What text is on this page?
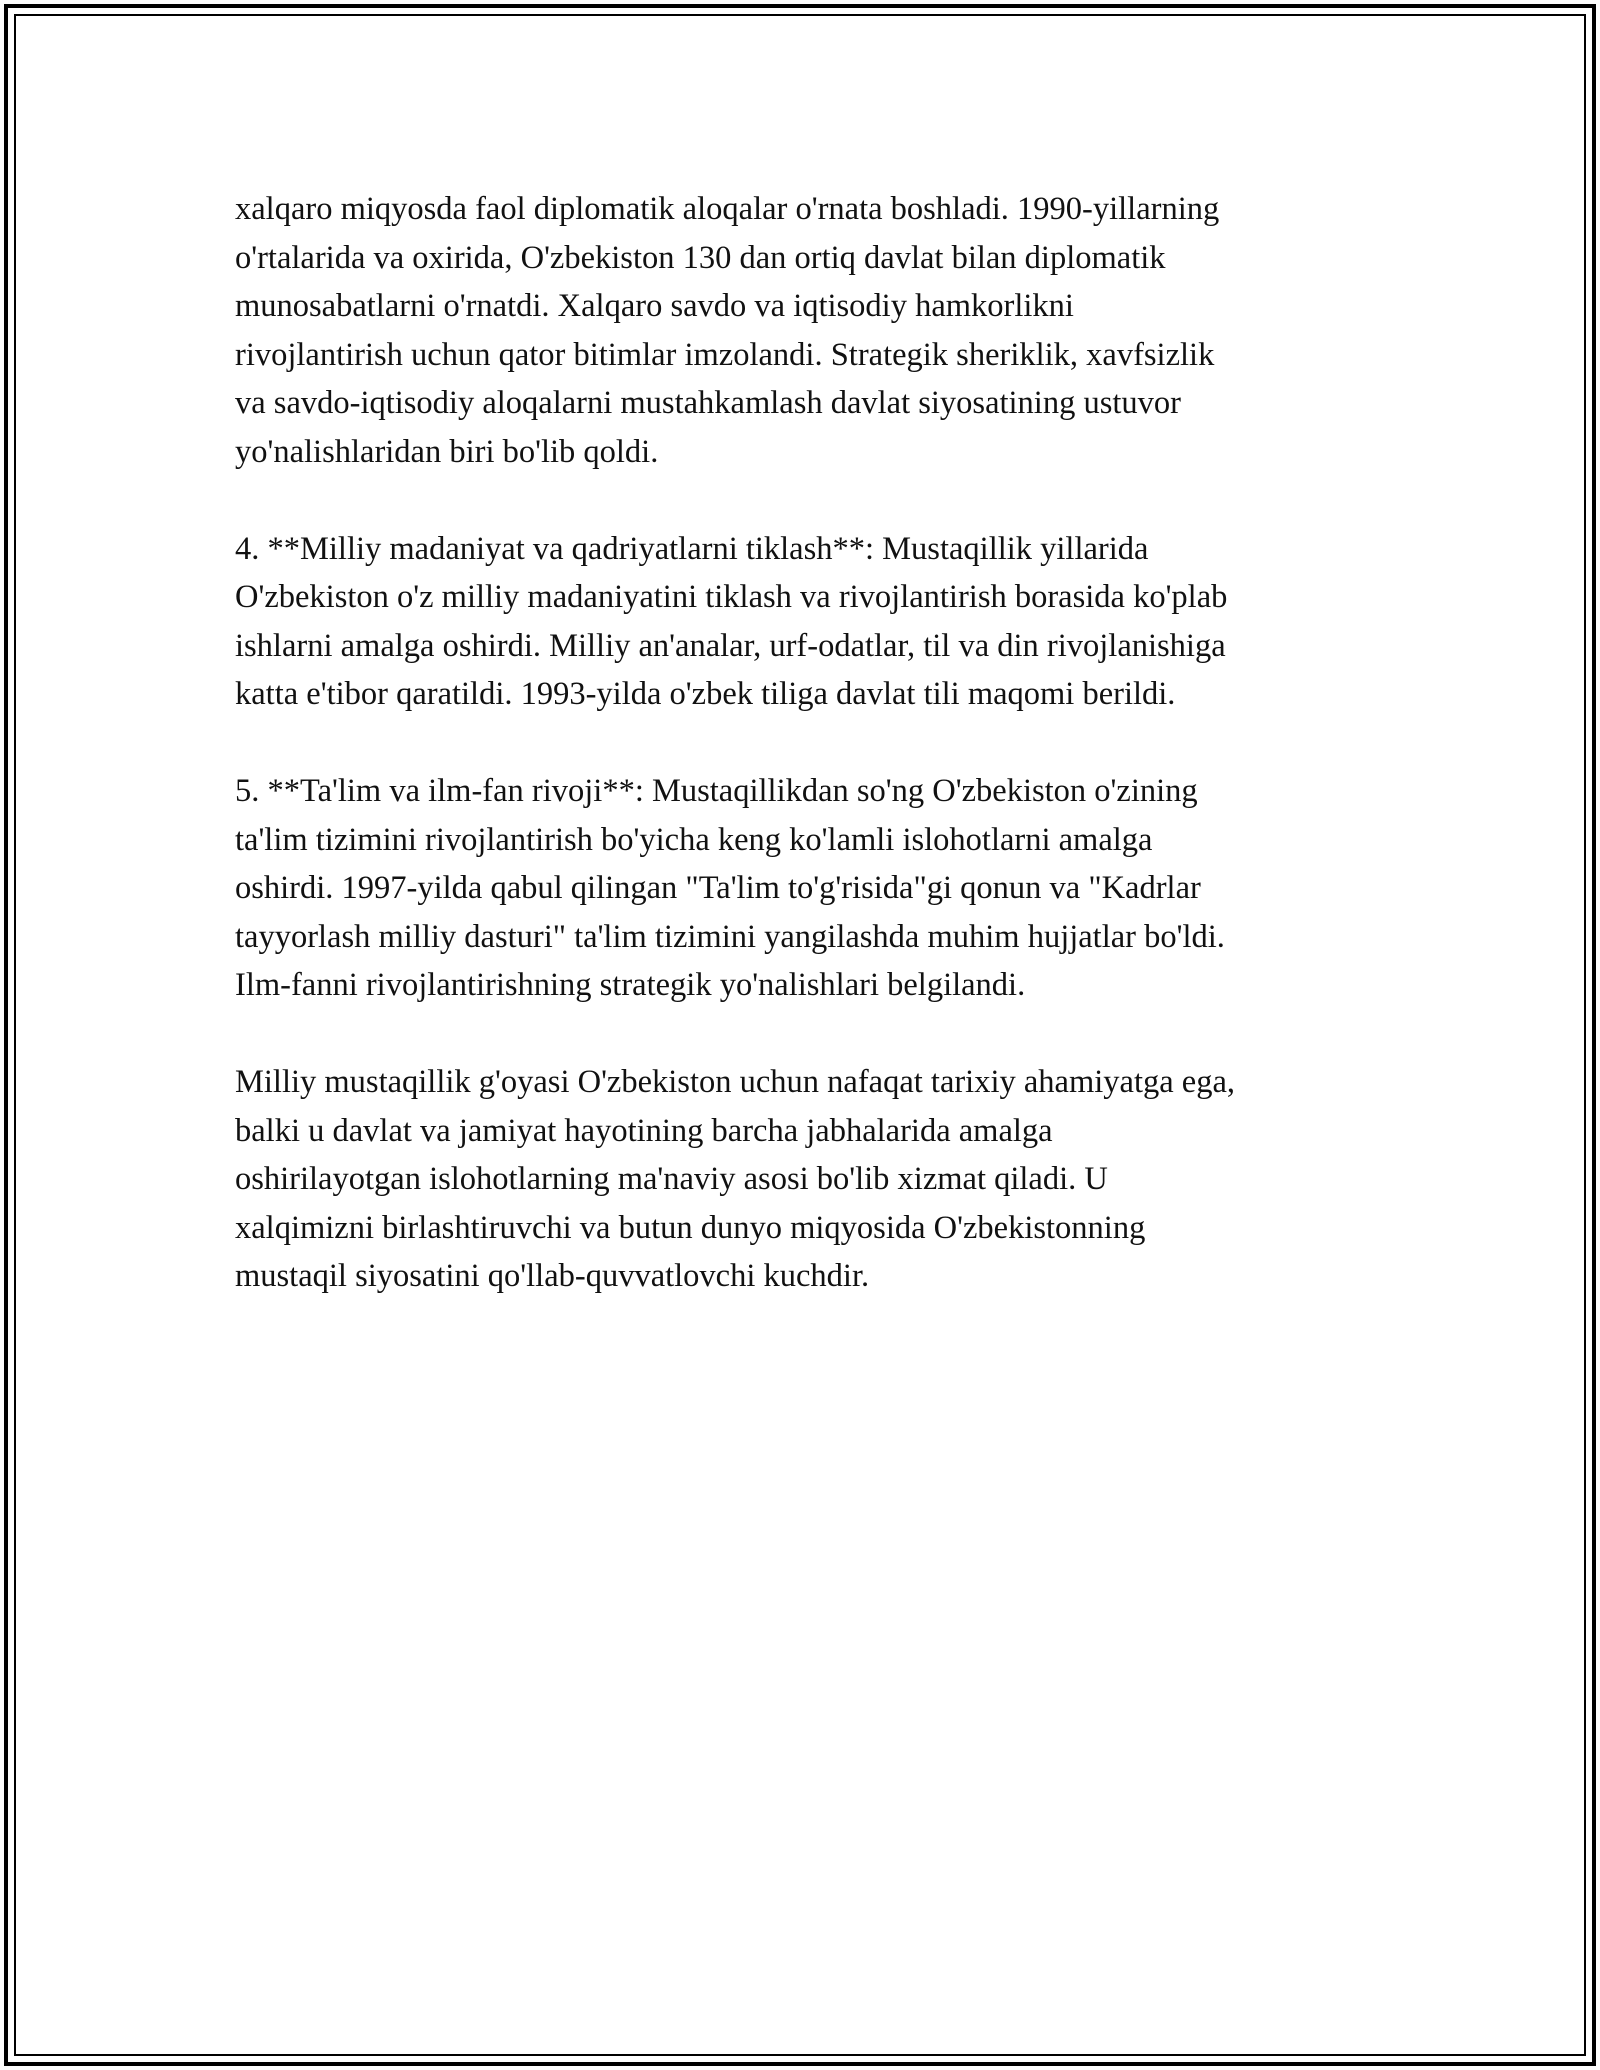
xalqaro miqyosda faol diplomatik aloqalar o'rnata boshladi. 1990-yillarning
o'rtalarida va oxirida, O'zbekiston 130 dan ortiq davlat bilan diplomatik
munosabatlarni o'rnatdi. Xalqaro savdo va iqtisodiy hamkorlikni
rivojlantirish uchun qator bitimlar imzolandi. Strategik sheriklik, xavfsizlik
va savdo-iqtisodiy aloqalarni mustahkamlash davlat siyosatining ustuvor
yo'nalishlaridan biri bo'lib qoldi.

4. **Milliy madaniyat va qadriyatlarni tiklash**: Mustaqillik yillarida
O'zbekiston o'z milliy madaniyatini tiklash va rivojlantirish borasida ko'plab
ishlarni amalga oshirdi. Milliy an'analar, urf-odatlar, til va din rivojlanishiga
katta e'tibor qaratildi. 1993-yilda o'zbek tiliga davlat tili maqomi berildi.

5. **Ta'lim va ilm-fan rivoji**: Mustaqillikdan so'ng O'zbekiston o'zining
ta'lim tizimini rivojlantirish bo'yicha keng ko'lamli islohotlarni amalga
oshirdi. 1997-yilda qabul qilingan "Ta'lim to'g'risida"gi qonun va "Kadrlar
tayyorlash milliy dasturi" ta'lim tizimini yangilashda muhim hujjatlar bo'ldi.
Ilm-fanni rivojlantirishning strategik yo'nalishlari belgilandi.

Milliy mustaqillik g'oyasi O'zbekiston uchun nafaqat tarixiy ahamiyatga ega,
balki u davlat va jamiyat hayotining barcha jabhalarida amalga
oshirilayotgan islohotlarning ma'naviy asosi bo'lib xizmat qiladi. U
xalqimizni birlashtiruvchi va butun dunyo miqyosida O'zbekistonning
mustaqil siyosatini qo'llab-quvvatlovchi kuchdir.
